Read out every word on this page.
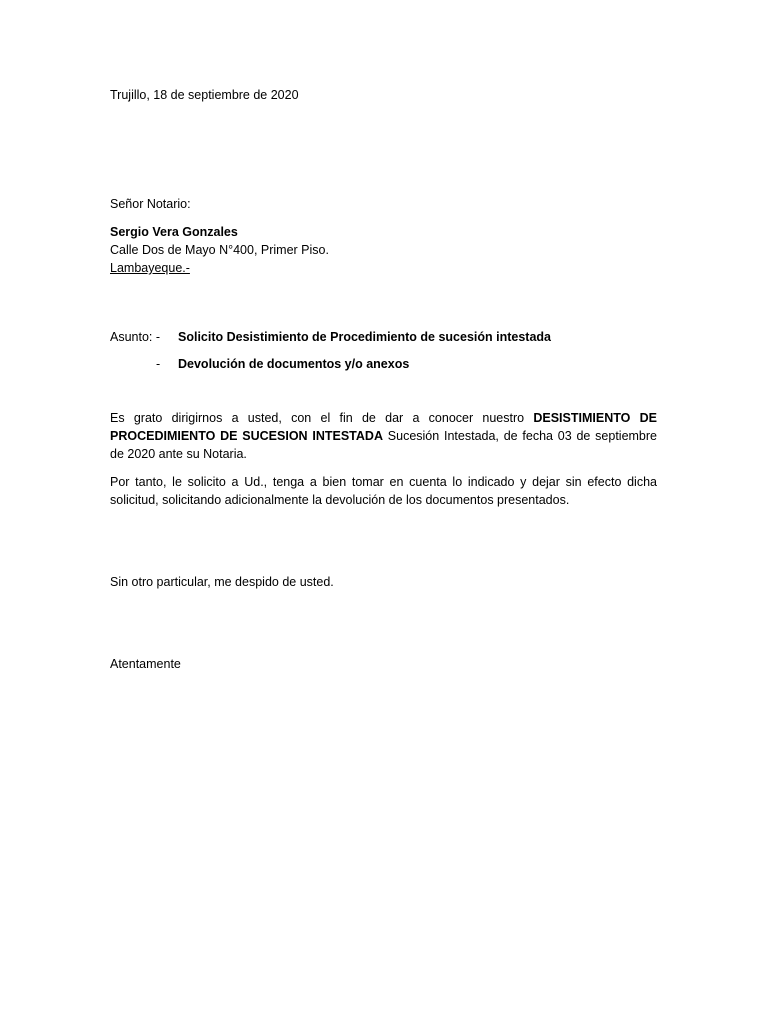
Trujillo, 18 de septiembre de 2020
Señor Notario:
Sergio Vera Gonzales
Calle Dos de Mayo N°400, Primer Piso.
Lambayeque.-
Asunto: - Solicito Desistimiento de Procedimiento de sucesión intestada
- Devolución de documentos y/o anexos
Es grato dirigirnos a usted, con el fin de dar a conocer nuestro DESISTIMIENTO DE PROCEDIMIENTO DE SUCESION INTESTADA Sucesión Intestada, de fecha 03 de septiembre de 2020 ante su Notaria.
Por tanto, le solicito a Ud., tenga a bien tomar en cuenta lo indicado y dejar sin efecto dicha solicitud, solicitando adicionalmente la devolución de los documentos presentados.
Sin otro particular, me despido de usted.
Atentamente
